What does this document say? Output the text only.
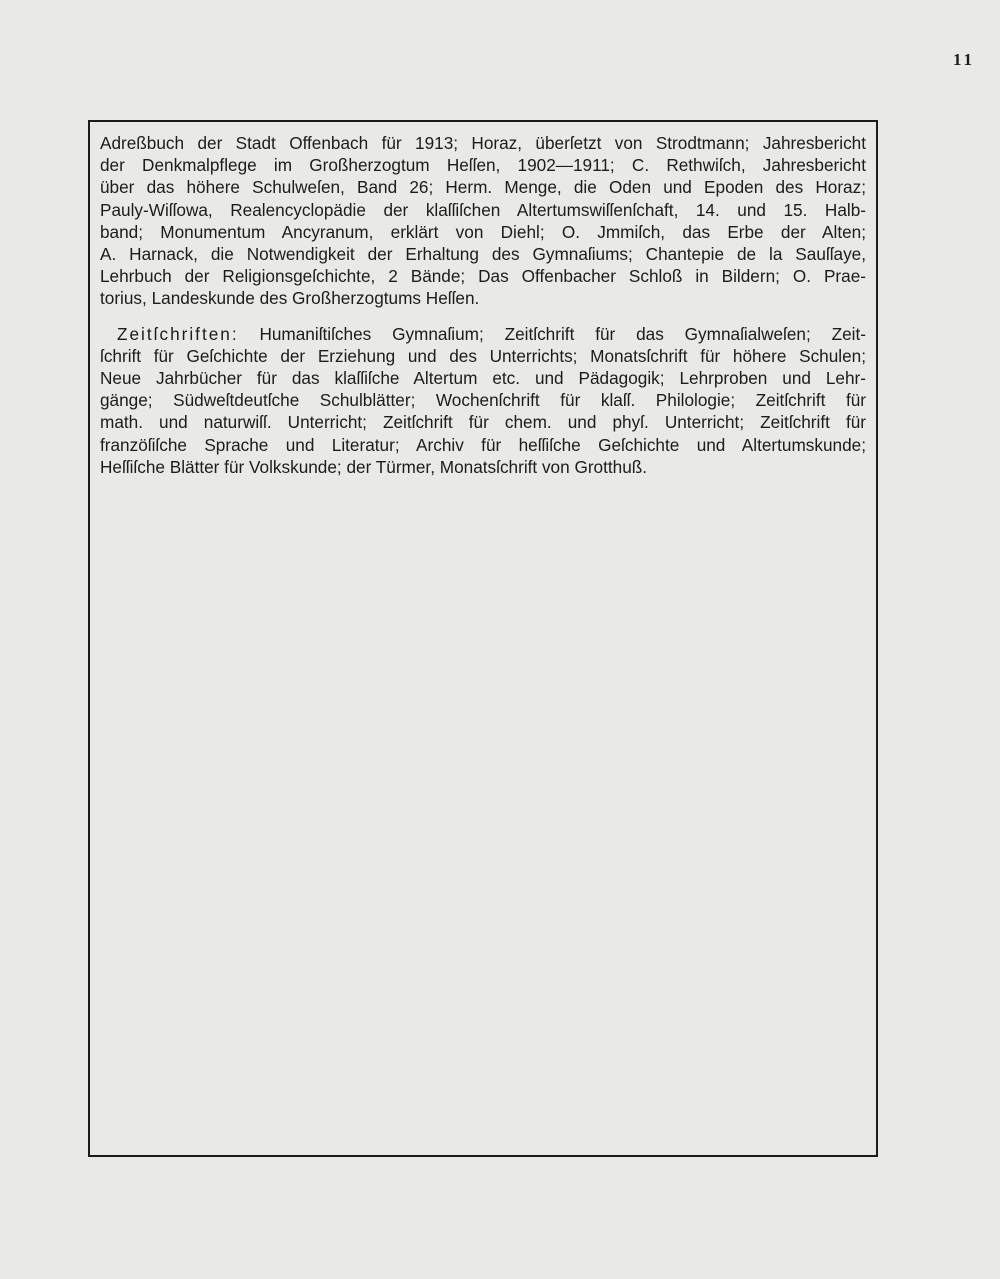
11

Adreßbuch der Stadt Offenbach für 1913; Horaz, überſetzt von Strodtmann; Jahresbericht
der Denkmalpflege im Großherzogtum Heſſen, 1902—1911; C. Rethwiſch, Jahresbericht
über das höhere Schulweſen, Band 26; Herm. Menge, die Oden und Epoden des Horaz;
Pauly-Wiſſowa, Realencyclopädie der klaſſiſchen Altertumswiſſenſchaft, 14. und 15. Halb-
band; Monumentum Ancyranum, erklärt von Diehl; O. Jmmiſch, das Erbe der Alten;
A. Harnack, die Notwendigkeit der Erhaltung des Gymnaſiums; Chantepie de la Sauſſaye,
Lehrbuch der Religionsgeſchichte, 2 Bände; Das Offenbacher Schloß in Bildern; O. Prae-
torius, Landeskunde des Großherzogtums Heſſen.

Zeitſchriften: Humaniſtiſches Gymnaſium; Zeitſchrift für das Gymnaſialweſen; Zeit-
ſchrift für Geſchichte der Erziehung und des Unterrichts; Monatsſchrift für höhere Schulen;
Neue Jahrbücher für das klaſſiſche Altertum etc. und Pädagogik; Lehrproben und Lehr-
gänge; Südweſtdeutſche Schulblätter; Wochenſchrift für klaſſ. Philologie; Zeitſchrift für
math. und naturwiſſ. Unterricht; Zeitſchrift für chem. und phyſ. Unterricht; Zeitſchrift für
franzöſiſche Sprache und Literatur; Archiv für heſſiſche Geſchichte und Altertumskunde;
Heſſiſche Blätter für Volkskunde; der Türmer, Monatsſchrift von Grotthuß.
